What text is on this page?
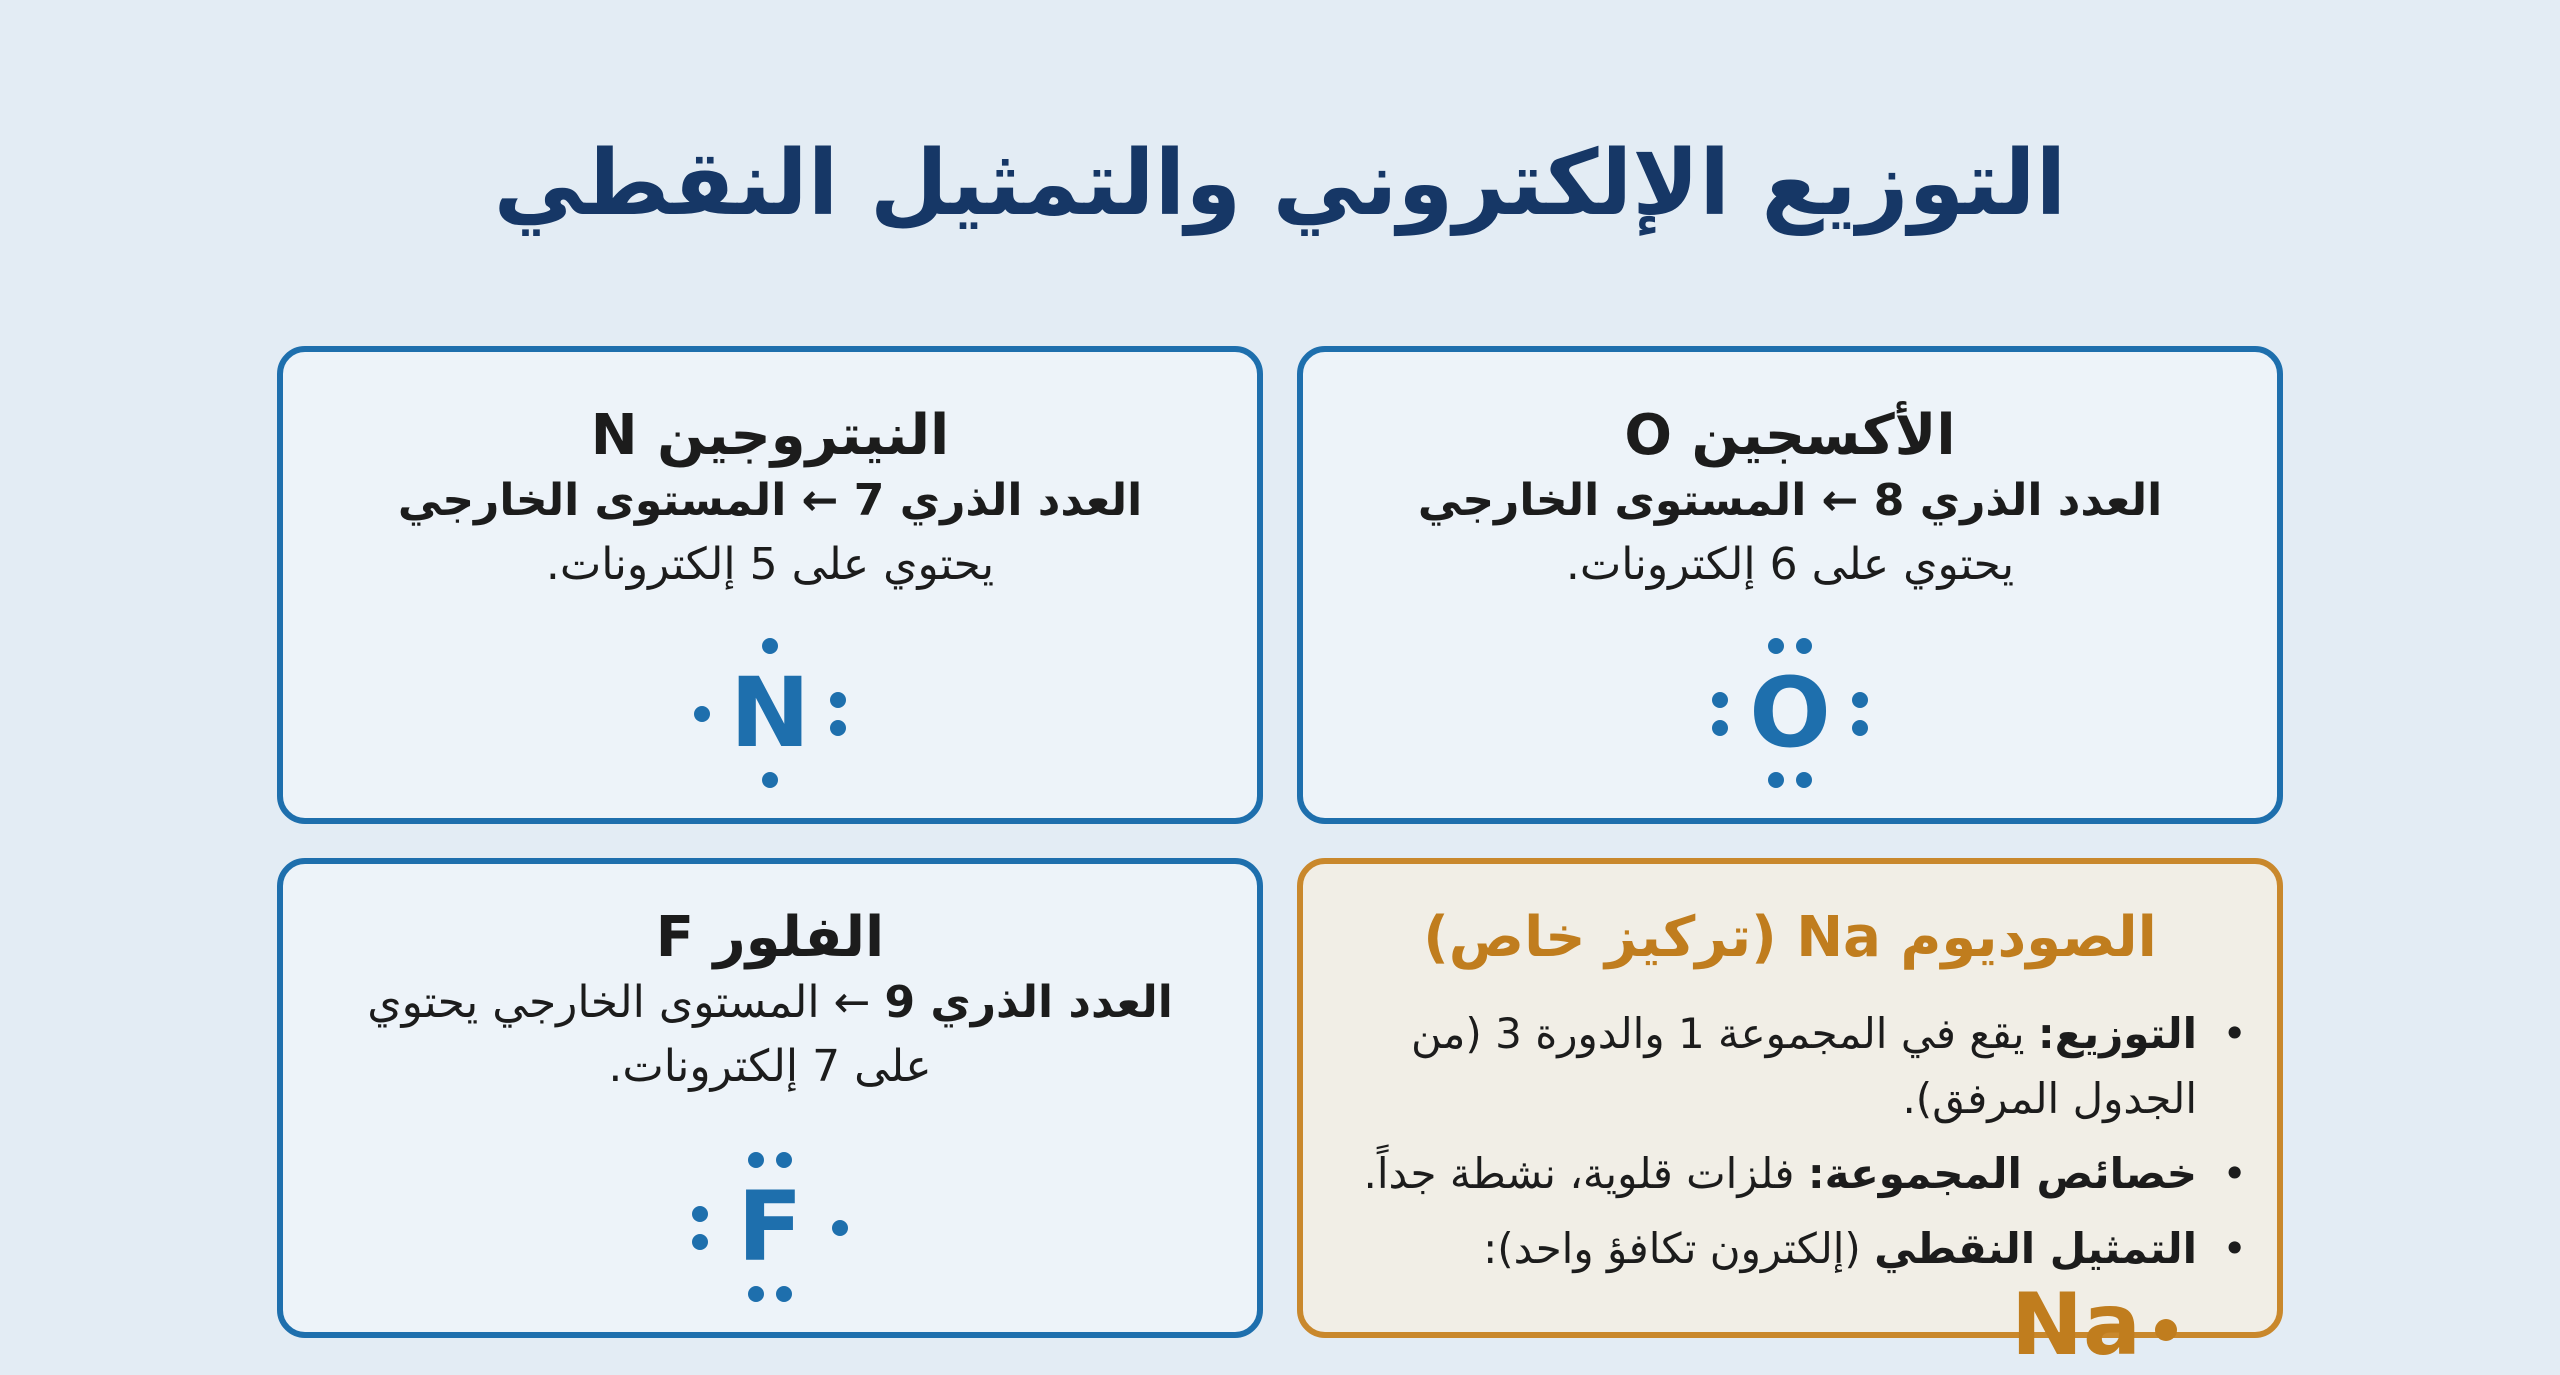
التوزيع الإلكتروني والتمثيل النقطي
الأكسجين O
العدد الذري 8 ← المستوى الخارجي
يحتوي على 6 إلكترونات.
O
النيتروجين N
العدد الذري 7 ← المستوى الخارجي
يحتوي على 5 إلكترونات.
N
الصوديوم Na (تركيز خاص)
•
التوزيع: يقع في المجموعة 1 والدورة 3 (من الجدول المرفق).
•
خصائص المجموعة: فلزات قلوية، نشطة جداً.
•
التمثيل النقطي (إلكترون تكافؤ واحد):Na
الفلور F
العدد الذري 9 ← المستوى الخارجي يحتوي
على 7 إلكترونات.
F
